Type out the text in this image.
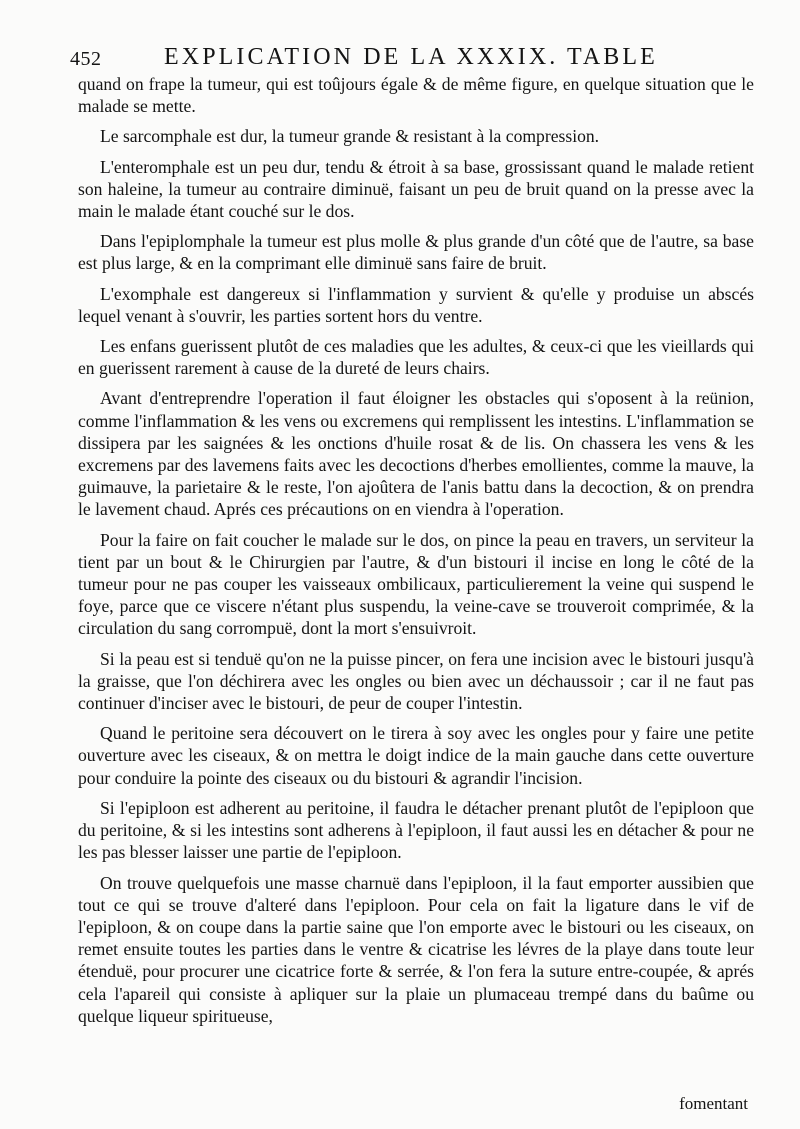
452	EXPLICATION DE LA XXXIX. TABLE

quand on frape la tumeur, qui est toûjours égale & de même figure, en quelque situation que le malade se mette.

Le sarcomphale est dur, la tumeur grande & resistant à la compression.

L'enteromphale est un peu dur, tendu & étroit à sa base, grossissant quand le malade retient son haleine, la tumeur au contraire diminuë, faisant un peu de bruit quand on la presse avec la main le malade étant couché sur le dos.

Dans l'epiplomphale la tumeur est plus molle & plus grande d'un côté que de l'autre, sa base est plus large, & en la comprimant elle diminuë sans faire de bruit.

L'exomphale est dangereux si l'inflammation y survient & qu'elle y produise un abscés lequel venant à s'ouvrir, les parties sortent hors du ventre.

Les enfans guerissent plutôt de ces maladies que les adultes, & ceux-ci que les vieillards qui en guerissent rarement à cause de la dureté de leurs chairs.

Avant d'entreprendre l'operation il faut éloigner les obstacles qui s'oposent à la reünion, comme l'inflammation & les vens ou excremens qui remplissent les intestins. L'inflammation se dissipera par les saignées & les onctions d'huile rosat & de lis. On chassera les vens & les excremens par des lavemens faits avec les decoctions d'herbes emollientes, comme la mauve, la guimauve, la parietaire & le reste, l'on ajoûtera de l'anis battu dans la decoction, & on prendra le lavement chaud. Aprés ces précautions on en viendra à l'operation.

Pour la faire on fait coucher le malade sur le dos, on pince la peau en travers, un serviteur la tient par un bout & le Chirurgien par l'autre, & d'un bistouri il incise en long le côté de la tumeur pour ne pas couper les vaisseaux ombilicaux, particulierement la veine qui suspend le foye, parce que ce viscere n'étant plus suspendu, la veine-cave se trouveroit comprimée, & la circulation du sang corrompuë, dont la mort s'ensuivroit.

Si la peau est si tenduë qu'on ne la puisse pincer, on fera une incision avec le bistouri jusqu'à la graisse, que l'on déchirera avec les ongles ou bien avec un déchaussoir ; car il ne faut pas continuer d'inciser avec le bistouri, de peur de couper l'intestin.

Quand le peritoine sera découvert on le tirera à soy avec les ongles pour y faire une petite ouverture avec les ciseaux, & on mettra le doigt indice de la main gauche dans cette ouverture pour conduire la pointe des ciseaux ou du bistouri & agrandir l'incision.

Si l'epiploon est adherent au peritoine, il faudra le détacher prenant plutôt de l'epiploon que du peritoine, & si les intestins sont adherens à l'epiploon, il faut aussi les en détacher & pour ne les pas blesser laisser une partie de l'epiploon.

On trouve quelquefois une masse charnuë dans l'epiploon, il la faut emporter aussibien que tout ce qui se trouve d'alteré dans l'epiploon. Pour cela on fait la ligature dans le vif de l'epiploon, & on coupe dans la partie saine que l'on emporte avec le bistouri ou les ciseaux, on remet ensuite toutes les parties dans le ventre & cicatrise les lévres de la playe dans toute leur étenduë, pour procurer une cicatrice forte & serrée, & l'on fera la suture entre-coupée, & aprés cela l'apareil qui consiste à apliquer sur la plaie un plumaceau trempé dans du baûme ou quelque liqueur spiritueuse,

fomentant
